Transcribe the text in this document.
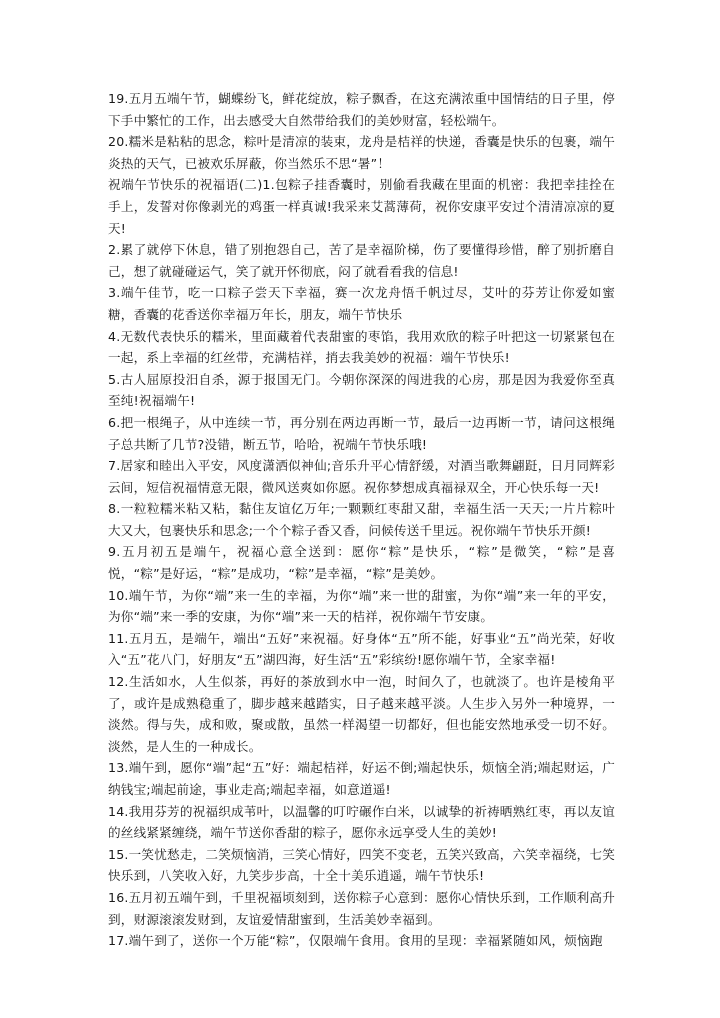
19.五月五端午节，蝴蝶纷飞，鲜花绽放，粽子飘香，在这充满浓重中国情结的日子里，停下手中繁忙的工作，出去感受大自然带给我们的美妙财富，轻松端午。

20.糯米是粘粘的思念，粽叶是清凉的装束，龙舟是桔祥的快递，香囊是快乐的包裹，端午炎热的天气，已被欢乐屏蔽，你当然乐不思“暑”！

祝端午节快乐的祝福语(二)1.包粽子挂香囊时，别偷看我藏在里面的机密：我把幸挂拴在手上，发誓对你像剥光的鸡蛋一样真诚!我采来艾蒿薄荷，祝你安康平安过个清清凉凉的夏天!

2.累了就停下休息，错了别抱怨自己，苦了是幸福阶梯，伤了要懂得珍惜，醉了别折磨自己，想了就碰碰运气，笑了就开怀彻底，闷了就看看我的信息!

3.端午佳节，吃一口粽子尝天下幸福，赛一次龙舟悟千帆过尽，艾叶的芬芳让你爱如蜜糖，香囊的花香送你幸福万年长，朋友，端午节快乐

4.无数代表快乐的糯米，里面藏着代表甜蜜的枣馅，我用欢欣的粽子叶把这一切紧紧包在一起，系上幸福的红丝带，充满桔祥，捎去我美妙的祝福：端午节快乐!

5.古人屈原投汨自杀，源于报国无门。今朝你深深的闯进我的心房，那是因为我爱你至真至纯!祝福端午!

6.把一根绳子，从中连续一节，再分别在两边再断一节，最后一边再断一节，请问这根绳子总共断了几节?没错，断五节，哈哈，祝端午节快乐哦!

7.居家和睦出入平安，风度潇洒似神仙;音乐升平心情舒缓，对酒当歌舞翩跹，日月同辉彩云间，短信祝福情意无限，微风送爽如你愿。祝你梦想成真福禄双全，开心快乐每一天!

8.一粒粒糯米粘又粘，黏住友谊亿万年;一颗颗红枣甜又甜，幸福生活一天天;一片片粽叶大又大，包裹快乐和思念;一个个粽子香又香，问候传送千里远。祝你端午节快乐开颜!

9.五月初五是端午，祝福心意全送到：愿你“粽”是快乐，“粽”是微笑，“粽”是喜悦，“粽”是好运，“粽”是成功，“粽”是幸福，“粽”是美妙。

10.端午节，为你“端”来一生的幸福，为你“端”来一世的甜蜜，为你“端”来一年的平安，为你“端”来一季的安康，为你“端”来一天的桔祥，祝你端午节安康。

11.五月五，是端午，端出“五好”来祝福。好身体“五”所不能，好事业“五”尚光荣，好收入“五”花八门，好朋友“五”湖四海，好生活“五”彩缤纷!愿你端午节，全家幸福!

12.生活如水，人生似茶，再好的茶放到水中一泡，时间久了，也就淡了。也许是棱角平了，或许是成熟稳重了，脚步越来越踏实，日子越来越平淡。人生步入另外一种境界，一淡然。得与失，成和败，聚或散，虽然一样渴望一切都好，但也能安然地承受一切不好。淡然，是人生的一种成长。

13.端午到，愿你“端”起“五”好：端起桔祥，好运不倒;端起快乐，烦恼全消;端起财运，广纳钱宝;端起前途，事业走高;端起幸福，如意道遥!

14.我用芬芳的祝福织成苇叶，以温馨的叮咛碾作白米，以诚挚的祈祷晒熟红枣，再以友谊的丝线紧紧缠绕，端午节送你香甜的粽子，愿你永远享受人生的美妙!

15.一笑忧愁走，二笑烦恼消，三笑心情好，四笑不变老，五笑兴致高，六笑幸福绕，七笑快乐到，八笑收入好，九笑步步高，十全十美乐逍遥，端午节快乐!

16.五月初五端午到，千里祝福顷刻到，送你粽子心意到：愿你心情快乐到，工作顺利高升到，财源滚滚发财到，友谊爱情甜蜜到，生活美妙幸福到。

17.端午到了，送你一个万能“粽”，仅限端午食用。食用的呈现：幸福紧随如风，烦恼跑
